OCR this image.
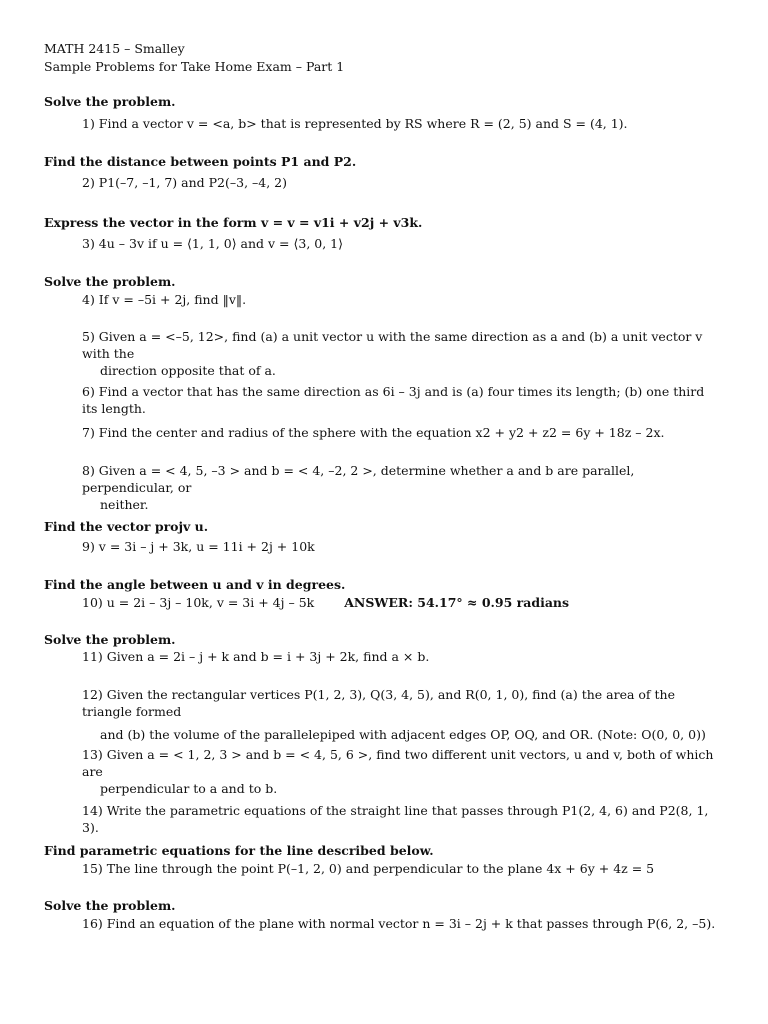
MATH 2415 – Smalley
Sample Problems for Take Home Exam – Part 1
Solve the problem.
1) Find a vector v = <a, b> that is represented by RS where R = (2, 5) and S = (4, 1).
Find the distance between points P1 and P2.
2) P1(–7, –1, 7) and P2(–3, –4, 2)
Express the vector in the form v = v = v1i + v2j + v3k.
3) 4u – 3v if u = ⟨1, 1, 0⟩ and v = ⟨3, 0, 1⟩
Solve the problem.
4) If v = –5i + 2j, find ‖v‖.
5) Given a = <–5, 12>, find (a) a unit vector u with the same direction as a and (b) a unit vector v with the
direction opposite that of a.
6) Find a vector that has the same direction as 6i – 3j and is (a) four times its length; (b) one third its length.
7) Find the center and radius of the sphere with the equation x2 + y2 + z2 = 6y + 18z – 2x.
8) Given a = < 4, 5, –3 > and b = < 4, –2, 2 >, determine whether a and b are parallel, perpendicular, or
neither.
Find the vector projv u.
9) v = 3i – j + 3k, u = 11i + 2j + 10k
Find the angle between u and v in degrees.
10) u = 2i – 3j – 10k, v = 3i + 4j – 5k ANSWER: 54.17° ≈ 0.95 radians
Solve the problem.
11) Given a = 2i – j + k and b = i + 3j + 2k, find a × b.
12) Given the rectangular vertices P(1, 2, 3), Q(3, 4, 5), and R(0, 1, 0), find (a) the area of the triangle formed
and (b) the volume of the parallelepiped with adjacent edges OP, OQ, and OR. (Note: O(0, 0, 0))
13) Given a = < 1, 2, 3 > and b = < 4, 5, 6 >, find two different unit vectors, u and v, both of which are
perpendicular to a and to b.
14) Write the parametric equations of the straight line that passes through P1(2, 4, 6) and P2(8, 1, 3).
Find parametric equations for the line described below.
15) The line through the point P(–1, 2, 0) and perpendicular to the plane 4x + 6y + 4z = 5
Solve the problem.
16) Find an equation of the plane with normal vector n = 3i – 2j + k that passes through P(6, 2, –5).
